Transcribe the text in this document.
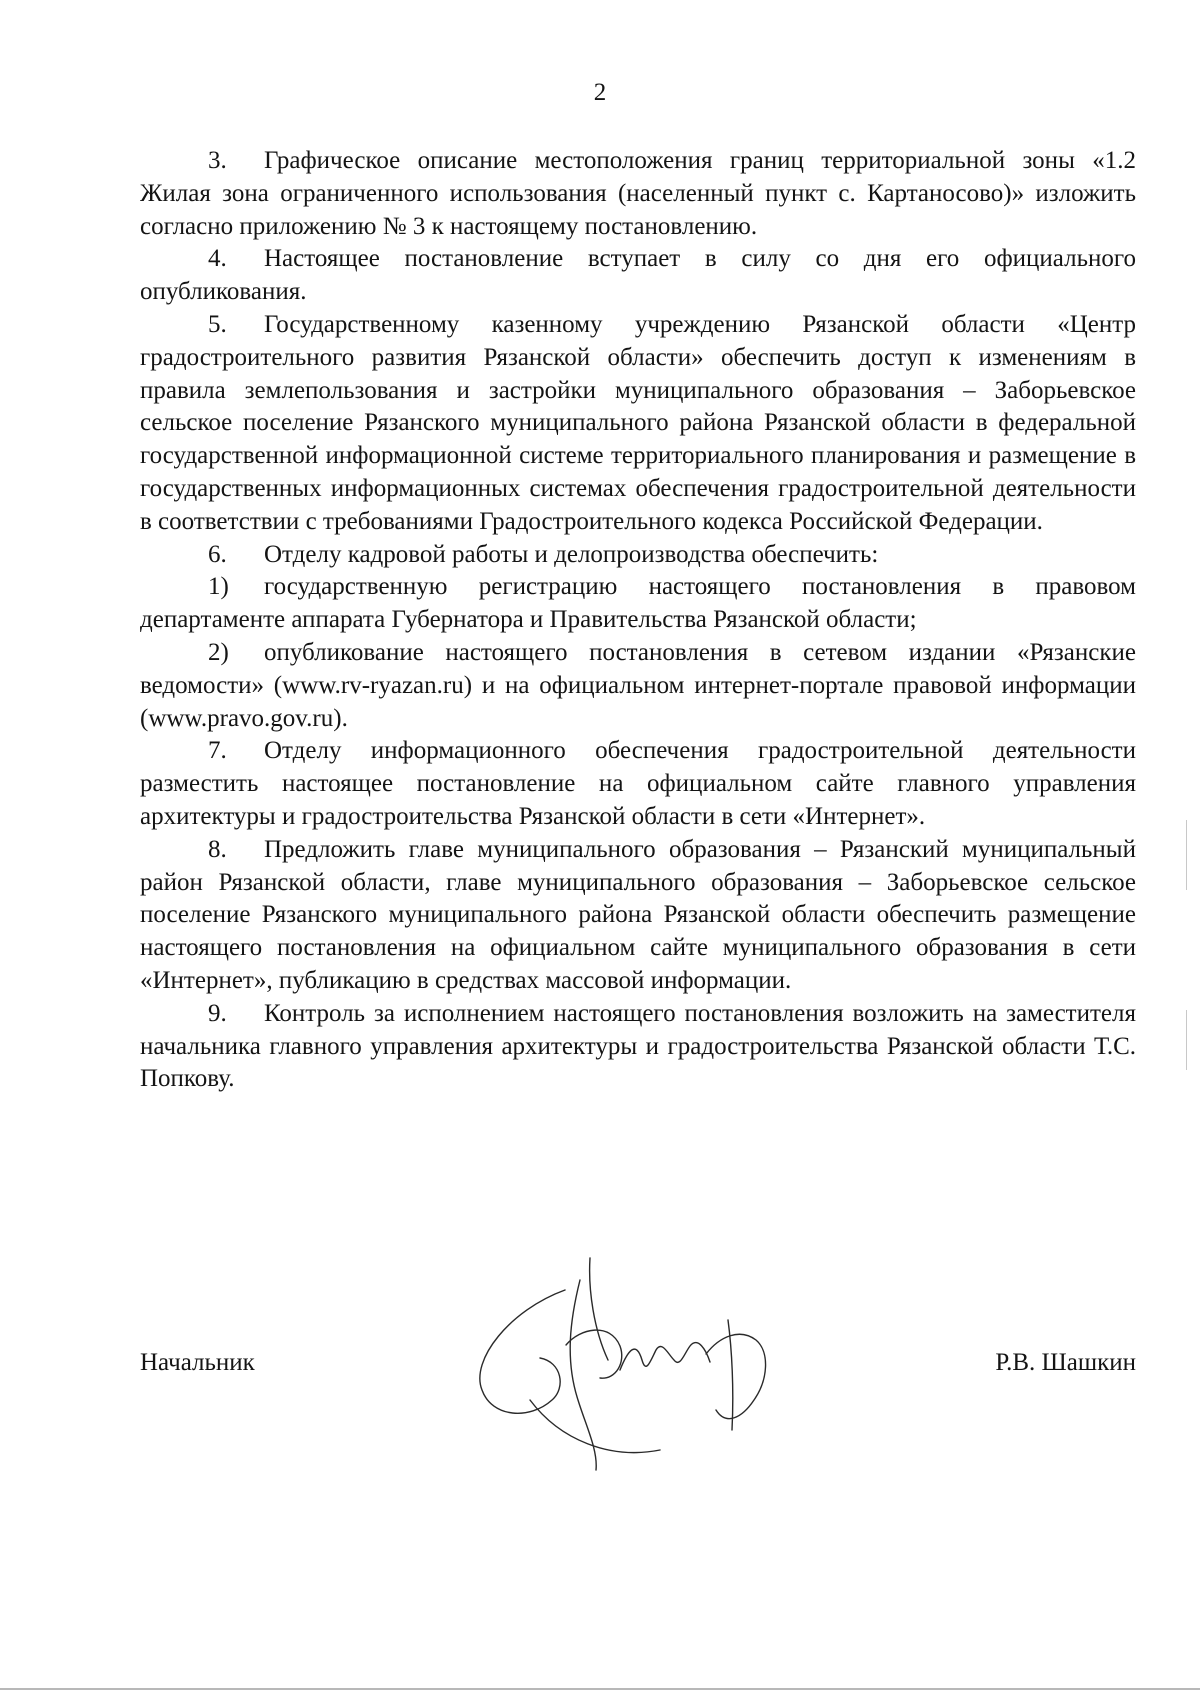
2

3. Графическое описание местоположения границ территориальной зоны «1.2 Жилая зона ограниченного использования (населенный пункт с. Картаносово)» изложить согласно приложению № 3 к настоящему постановлению.

4. Настоящее постановление вступает в силу со дня его официального опубликования.

5. Государственному казенному учреждению Рязанской области «Центр градостроительного развития Рязанской области» обеспечить доступ к изменениям в правила землепользования и застройки муниципального образования – Заборьевское сельское поселение Рязанского муниципального района Рязанской области в федеральной государственной информационной системе территориального планирования и размещение в государственных информационных системах обеспечения градостроительной деятельности в соответствии с требованиями Градостроительного кодекса Российской Федерации.

6. Отделу кадровой работы и делопроизводства обеспечить:

1) государственную регистрацию настоящего постановления в правовом департаменте аппарата Губернатора и Правительства Рязанской области;

2) опубликование настоящего постановления в сетевом издании «Рязанские ведомости» (www.rv-ryazan.ru) и на официальном интернет-портале правовой информации (www.pravo.gov.ru).

7. Отделу информационного обеспечения градостроительной деятельности разместить настоящее постановление на официальном сайте главного управления архитектуры и градостроительства Рязанской области в сети «Интернет».

8. Предложить главе муниципального образования – Рязанский муниципальный район Рязанской области, главе муниципального образования – Заборьевское сельское поселение Рязанского муниципального района Рязанской области обеспечить размещение настоящего постановления на официальном сайте муниципального образования в сети «Интернет», публикацию в средствах массовой информации.

9. Контроль за исполнением настоящего постановления возложить на заместителя начальника главного управления архитектуры и градостроительства Рязанской области Т.С. Попкову.

Начальник	Р.В. Шашкин
